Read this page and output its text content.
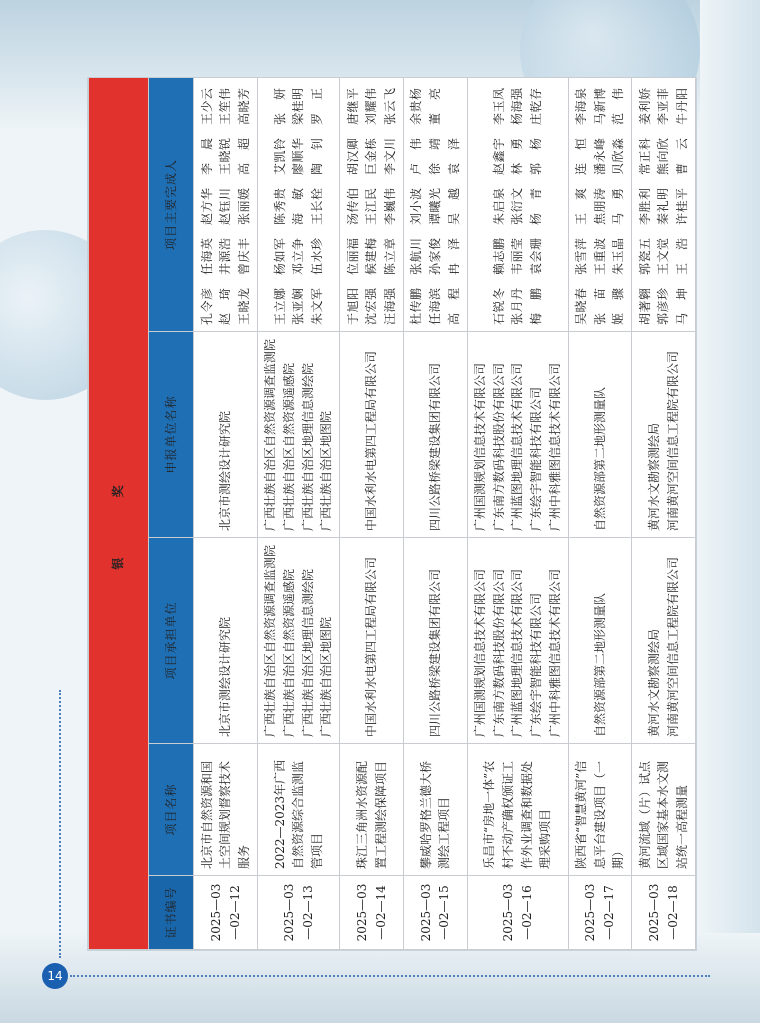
银 奖				
证书编号	项目名称	项目承担单位	申报单位名称	项目主要完成人
2025—03—02—12	北京市自然资源和国土空间规划督察技术服务	北京市测绘设计研究院	北京市测绘设计研究院	孔令彦　任海英　赵方华　李　晨　王少云 赵　琦　井源浩　赵钰川　王晓锐　王笙伟 王晓龙　曾庆丰　张丽媛　高　超　高晓芳

2025—03—02—13	2022—2023年广西自然资源综合监测监管项目	广西壮族自治区自然资源调查监测院 广西壮族自治区自然资源遥感院 广西壮族自治区地理信息测绘院 广西壮族自治区地图院	广西壮族自治区自然资源调查监测院 广西壮族自治区自然资源遥感院 广西壮族自治区地理信息测绘院 广西壮族自治区地图院	王立娜　杨如军　陈秀贵　艾凯铃　张　妍 张亚娴　邓立争　海　敏　廖顺华　梁桂明 朱文军　伍水珍　王长栓　陶　钊　罗　正

2025—03—02—14	珠江三角洲水资源配置工程测绘保障项目	中国水利水电第四工程局有限公司	中国水利水电第四工程局有限公司	于旭阳　位丽福　汤传伯　胡汉卿　唐继平 沈宏强　候建梅　王江民　巨金栋　刘耀伟 汪海强　陈立章　李巍伟　李文川　张云飞

2025—03—02—15	攀威哈罗格兰德大桥测绘工程项目	四川公路桥梁建设集团有限公司	四川公路桥梁建设集团有限公司	杜传鹏　张航川　刘小波　卢　伟　余贵杨 任海滨　孙家俊　谭曦光　徐　靖　董　亮 高　程　冉　泽　吴　越　袁　泽

2025—03—02—16	乐昌市“房地一体”农村不动产确权颁证工作外业调查和数据处理采购项目	广州国测规划信息技术有限公司 广东南方数码科技股份有限公司 广州蓝图地理信息技术有限公司 广东绘宇智能科技有限公司 广州中科雅图信息技术有限公司	广州国测规划信息技术有限公司 广东南方数码科技股份有限公司 广州蓝图地理信息技术有限公司 广东绘宇智能科技有限公司 广州中科雅图信息技术有限公司	石锐冬　赖志鹏　朱启泉　赵鑫宇　李玉凤 张月丹　韦丽莹　张衍文　林　勇　杨海强 梅　鹏　袁会珊　杨　青　郭　杨　庄乾存

2025—03—02—17	陕西省“智慧黄河”信息平台建设项目（一期）	自然资源部第二地形测量队	自然资源部第二地形测量队	吴晓春　张雪萍　王　爽　连　恒　李海泉 张　苗　王重波　焦朋涛　潘永峰　马新博 姬　骤　朱玉晶　马　勇　贝欣淼　范　伟

2025—03—02—18	黄河流域（片）试点区域国家基本水文测站统一高程测量	黄河水文勘察测绘局 河南黄河空间信息工程院有限公司	黄河水文勘察测绘局 河南黄河空间信息工程院有限公司	胡著翱　郭瓷五　李胜利　常正科　姜利娇 郭彦珍　王文觉　秦礼明　熊向欣　李亚菲 马　坤　王　浩　许桂平　曹　云　牛丹阳
14
